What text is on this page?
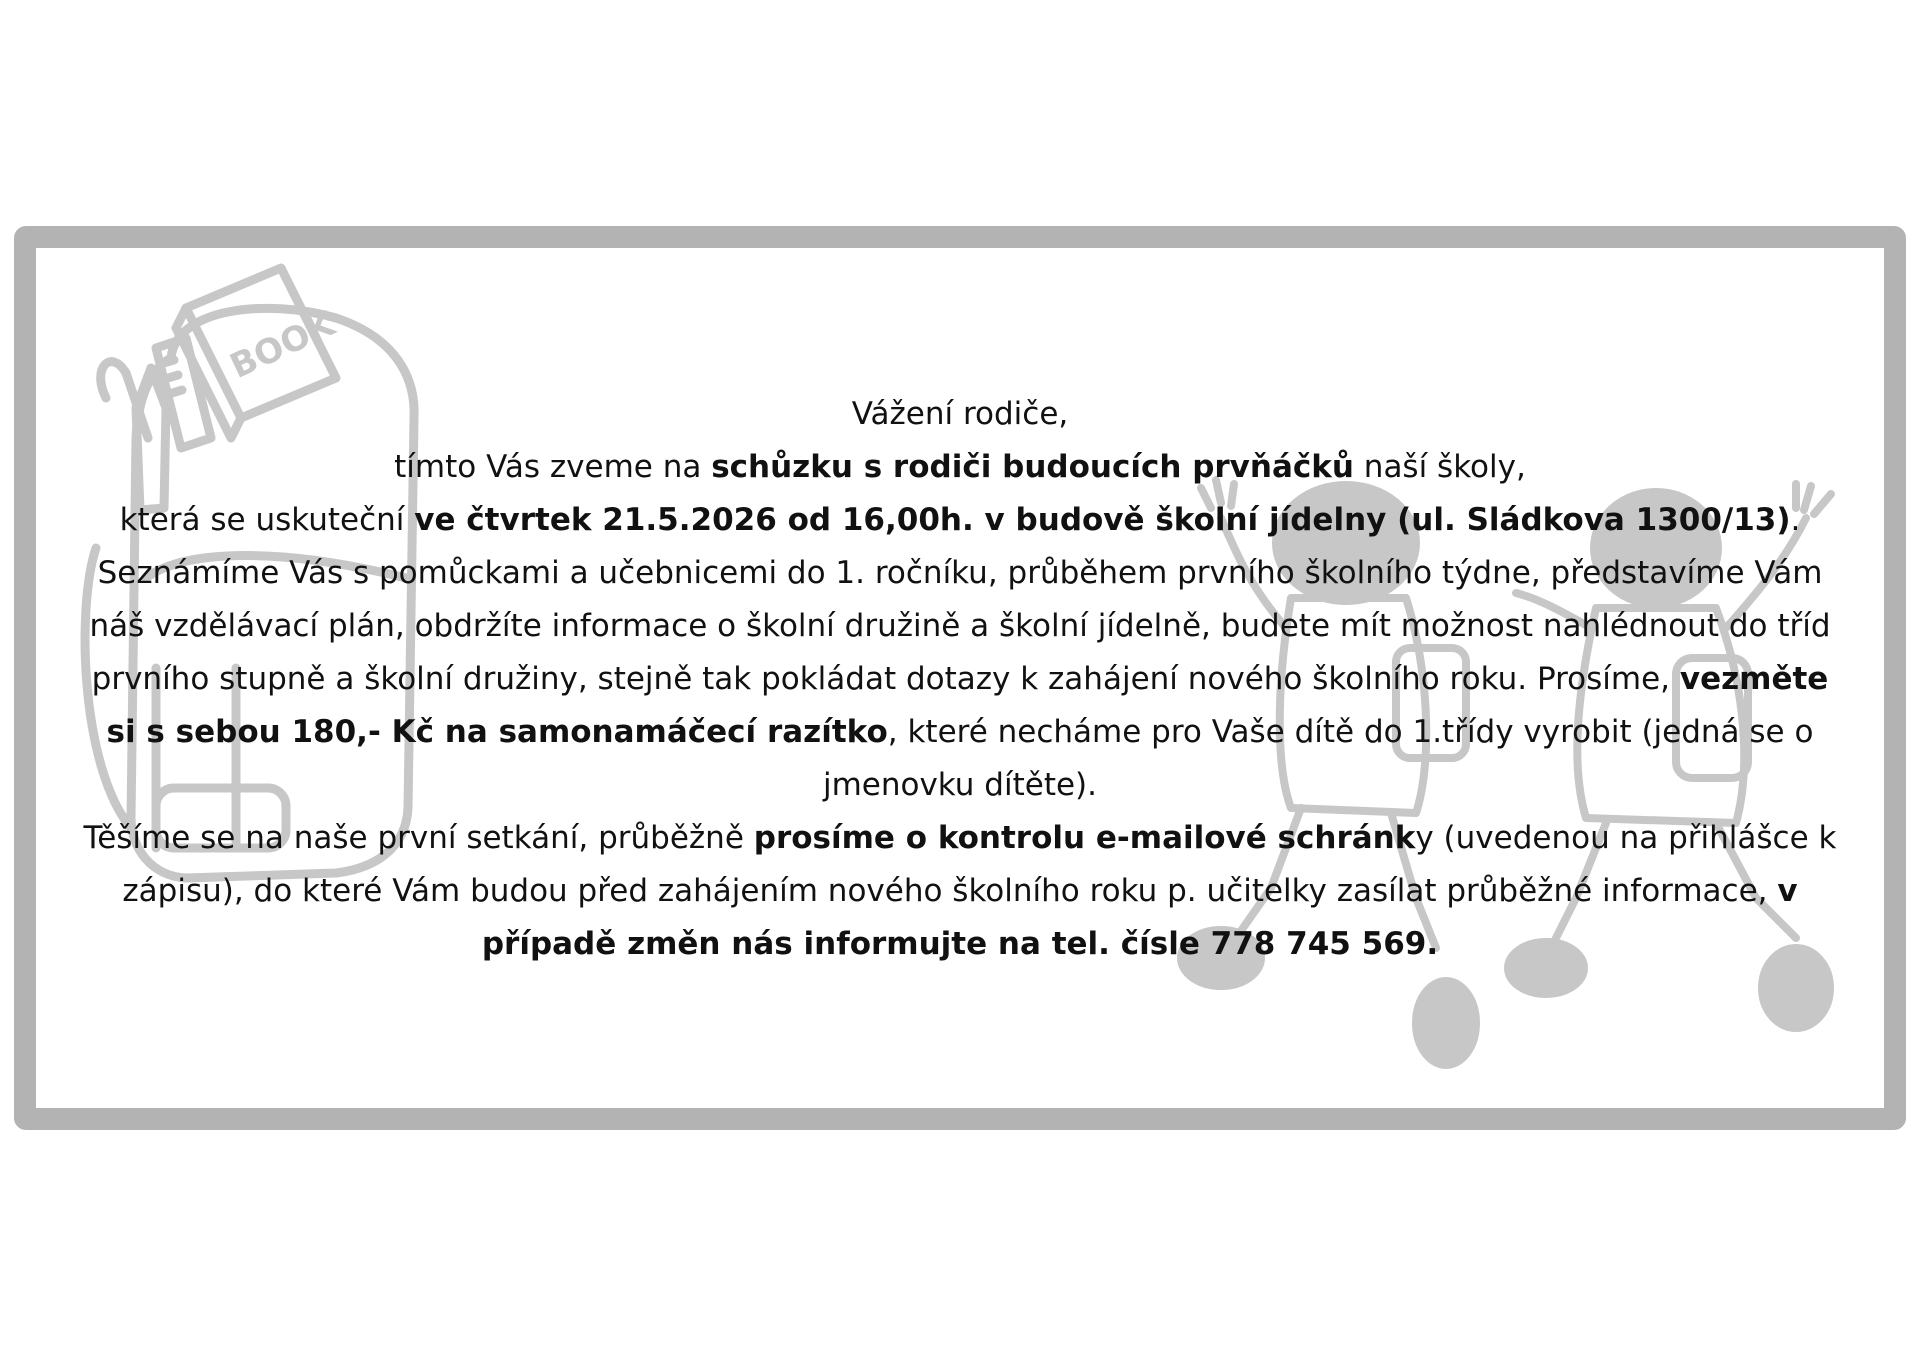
BOOK

Vážení rodiče,

tímto Vás zveme na schůzku s rodiči budoucích prvňáčků naší školy,

která se uskuteční ve čtvrtek 21.5.2026 od 16,00h. v budově školní jídelny (ul. Sládkova 1300/13).

Seznámíme Vás s pomůckami a učebnicemi do 1. ročníku, průběhem prvního školního týdne, představíme Vám náš vzdělávací plán, obdržíte informace o školní družině a školní jídelně, budete mít možnost nahlédnout do tříd prvního stupně a školní družiny, stejně tak pokládat dotazy k zahájení nového školního roku. Prosíme, vezměte si s sebou 180,- Kč na samonamáčecí razítko, které necháme pro Vaše dítě do 1.třídy vyrobit (jedná se o jmenovku dítěte).

Těšíme se na naše první setkání, průběžně prosíme o kontrolu e-mailové schránky (uvedenou na přihlášce k zápisu), do které Vám budou před zahájením nového školního roku p. učitelky zasílat průběžné informace, v případě změn nás informujte na tel. čísle 778 745 569.
